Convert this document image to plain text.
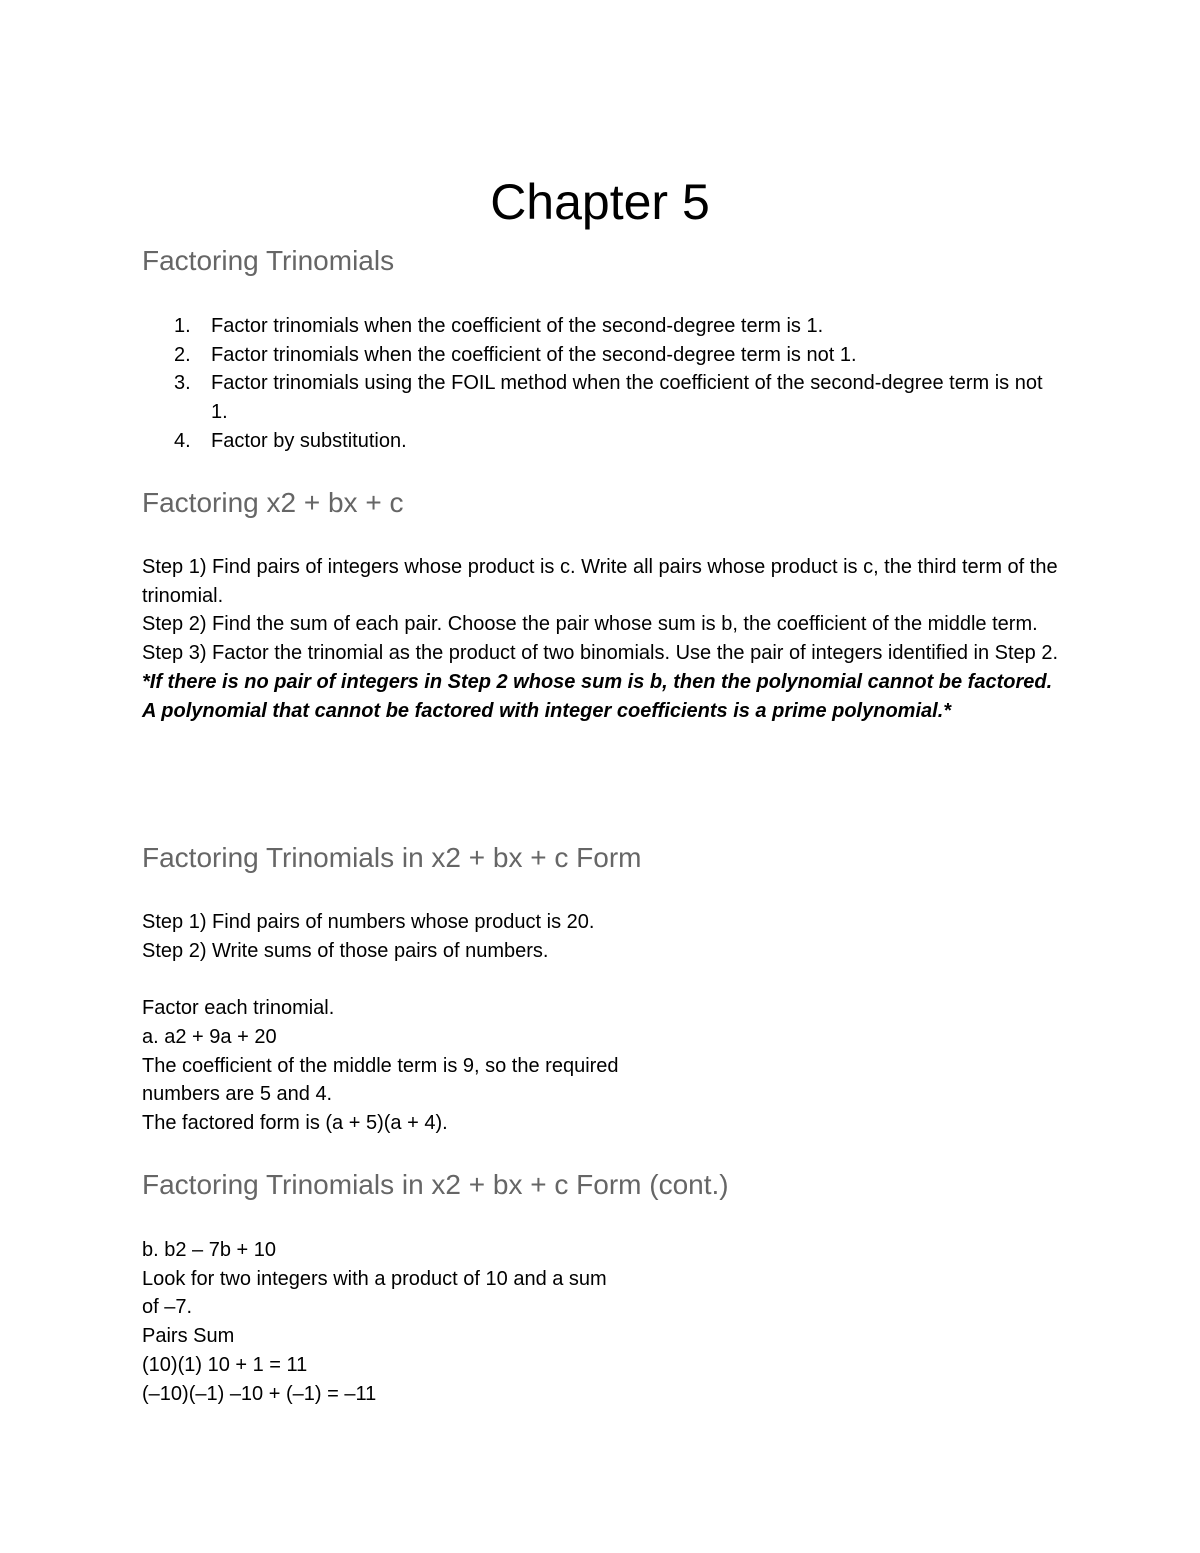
Chapter 5
Factoring Trinomials
1. Factor trinomials when the coefficient of the second-degree term is 1.
2. Factor trinomials when the coefficient of the second-degree term is not 1.
3. Factor trinomials using the FOIL method when the coefficient of the second-degree term is not 1.
4. Factor by substitution.
Factoring x2 + bx + c

Step 1) Find pairs of integers whose product is c. Write all pairs whose product is c, the third term of the trinomial.

Step 2) Find the sum of each pair. Choose the pair whose sum is b, the coefficient of the middle term.

Step 3) Factor the trinomial as the product of two binomials. Use the pair of integers identified in Step 2.

*If there is no pair of integers in Step 2 whose sum is b, then the polynomial cannot be factored. A polynomial that cannot be factored with integer coefficients is a prime polynomial.*

Factoring Trinomials in x2 + bx + c Form

Step 1) Find pairs of numbers whose product is 20.

Step 2) Write sums of those pairs of numbers.

Factor each trinomial.

a. a2 + 9a + 20

The coefficient of the middle term is 9, so the required

numbers are 5 and 4.

The factored form is (a + 5)(a + 4).

Factoring Trinomials in x2 + bx + c Form (cont.)

b. b2 – 7b + 10

Look for two integers with a product of 10 and a sum

of –7.

Pairs Sum

(10)(1) 10 + 1 = 11

(–10)(–1) –10 + (–1) = –11
